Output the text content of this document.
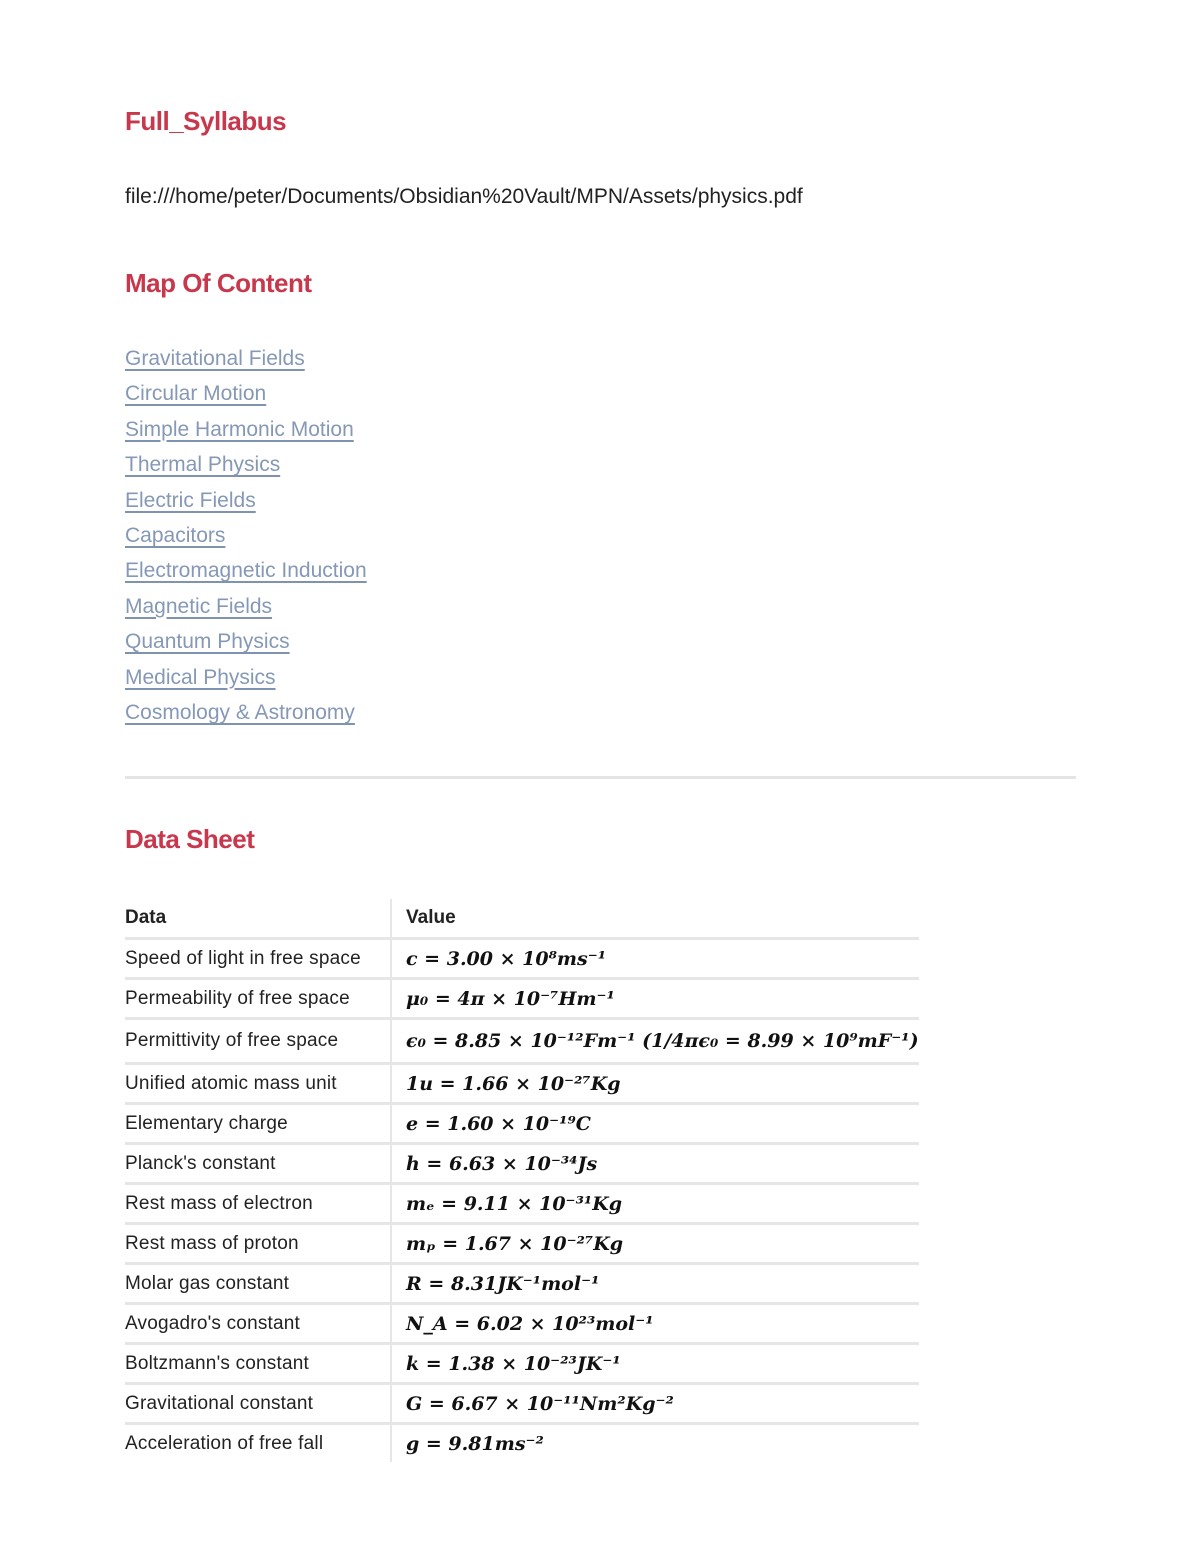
Full_Syllabus
file:///home/peter/Documents/Obsidian%20Vault/MPN/Assets/physics.pdf
Map Of Content
Gravitational Fields
Circular Motion
Simple Harmonic Motion
Thermal Physics
Electric Fields
Capacitors
Electromagnetic Induction
Magnetic Fields
Quantum Physics
Medical Physics
Cosmology & Astronomy
Data Sheet
Data	Value
Speed of light in free space	c = 3.00 × 10⁸ms⁻¹
Permeability of free space	μ₀ = 4π × 10⁻⁷Hm⁻¹
Permittivity of free space	ϵ₀ = 8.85 × 10⁻¹²Fm⁻¹ (1/4πϵ₀ = 8.99 × 10⁹mF⁻¹)
Unified atomic mass unit	1u = 1.66 × 10⁻²⁷Kg
Elementary charge	e = 1.60 × 10⁻¹⁹C
Planck's constant	h = 6.63 × 10⁻³⁴Js
Rest mass of electron	mₑ = 9.11 × 10⁻³¹Kg
Rest mass of proton	mₚ = 1.67 × 10⁻²⁷Kg
Molar gas constant	R = 8.31JK⁻¹mol⁻¹
Avogadro's constant	N_A = 6.02 × 10²³mol⁻¹
Boltzmann's constant	k = 1.38 × 10⁻²³JK⁻¹
Gravitational constant	G = 6.67 × 10⁻¹¹Nm²Kg⁻²
Acceleration of free fall	g = 9.81ms⁻²
